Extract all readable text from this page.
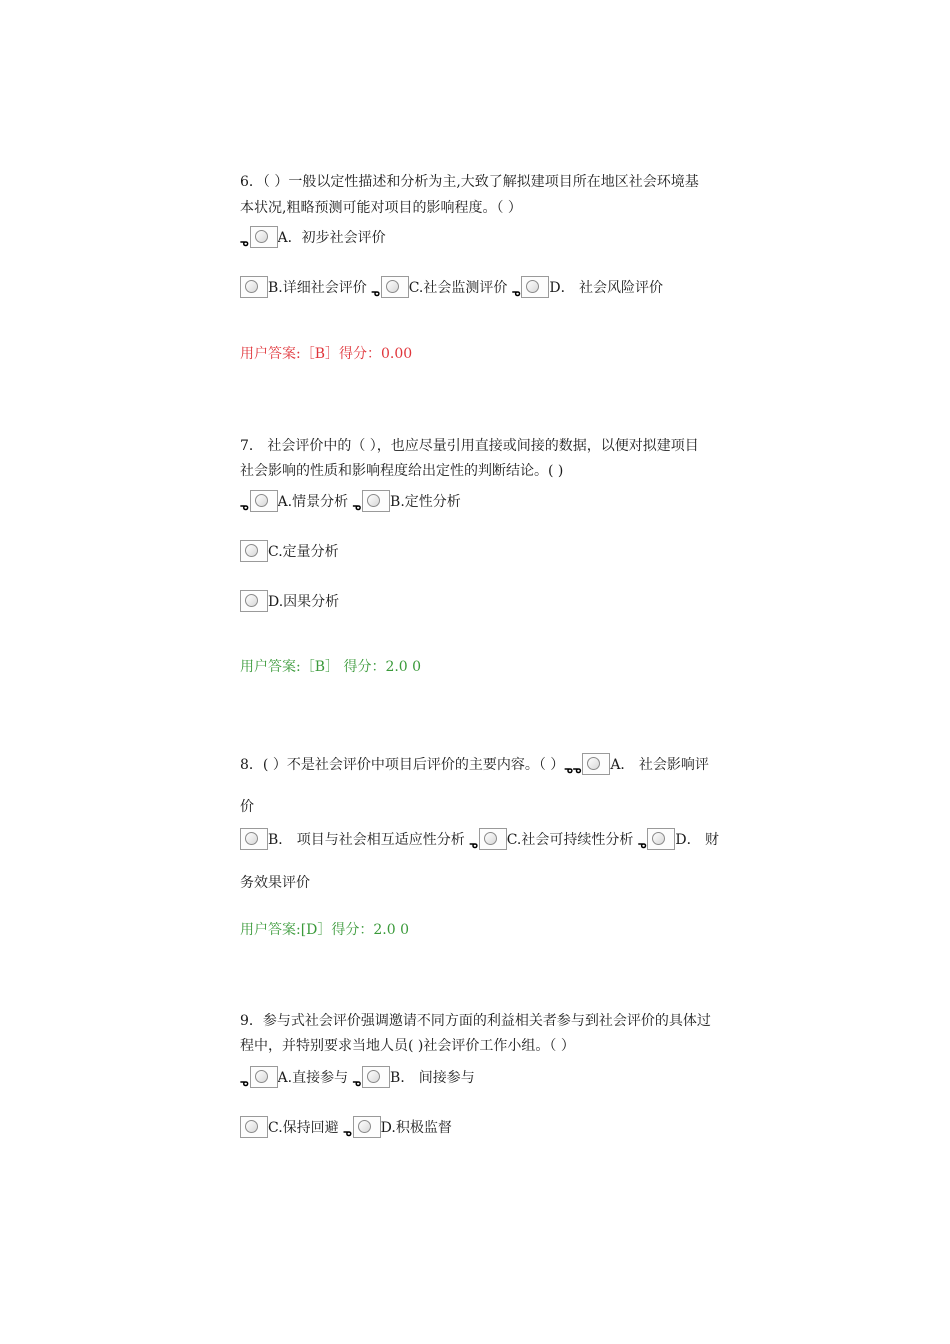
6．（ ）一般以定性描述和分析为主,大致了解拟建项目所在地区社会环境基
本状况,粗略预测可能对项目的影响程度。（ ）
ᓀ A．初步社会评价
B.详细社会评价 ᓀ C.社会监测评价 ᓀ D． 社会风险评价
用户答案:［B］得分：0.00
7． 社会评价中的（ ），也应尽量引用直接或间接的数据，以便对拟建项目
社会影响的性质和影响程度给出定性的判断结论。( )
ᓀ A.情景分析 ᓀ B.定性分析
C.定量分析
D.因果分析
用户答案:［B］ 得分：2.0 0
8．( ）不是社会评价中项目后评价的主要内容。（ ）ᓀᓀ A． 社会影响评
价
B． 项目与社会相互适应性分析 ᓀ C.社会可持续性分析 ᓀ D． 财
务效果评价
用户答案:[D］得分：2.0 0
9．参与式社会评价强调邀请不同方面的利益相关者参与到社会评价的具体过
程中，并特别要求当地人员( )社会评价工作小组。（ ）
ᓀ A.直接参与 ᓀ B． 间接参与
C.保持回避 ᓀ D.积极监督
